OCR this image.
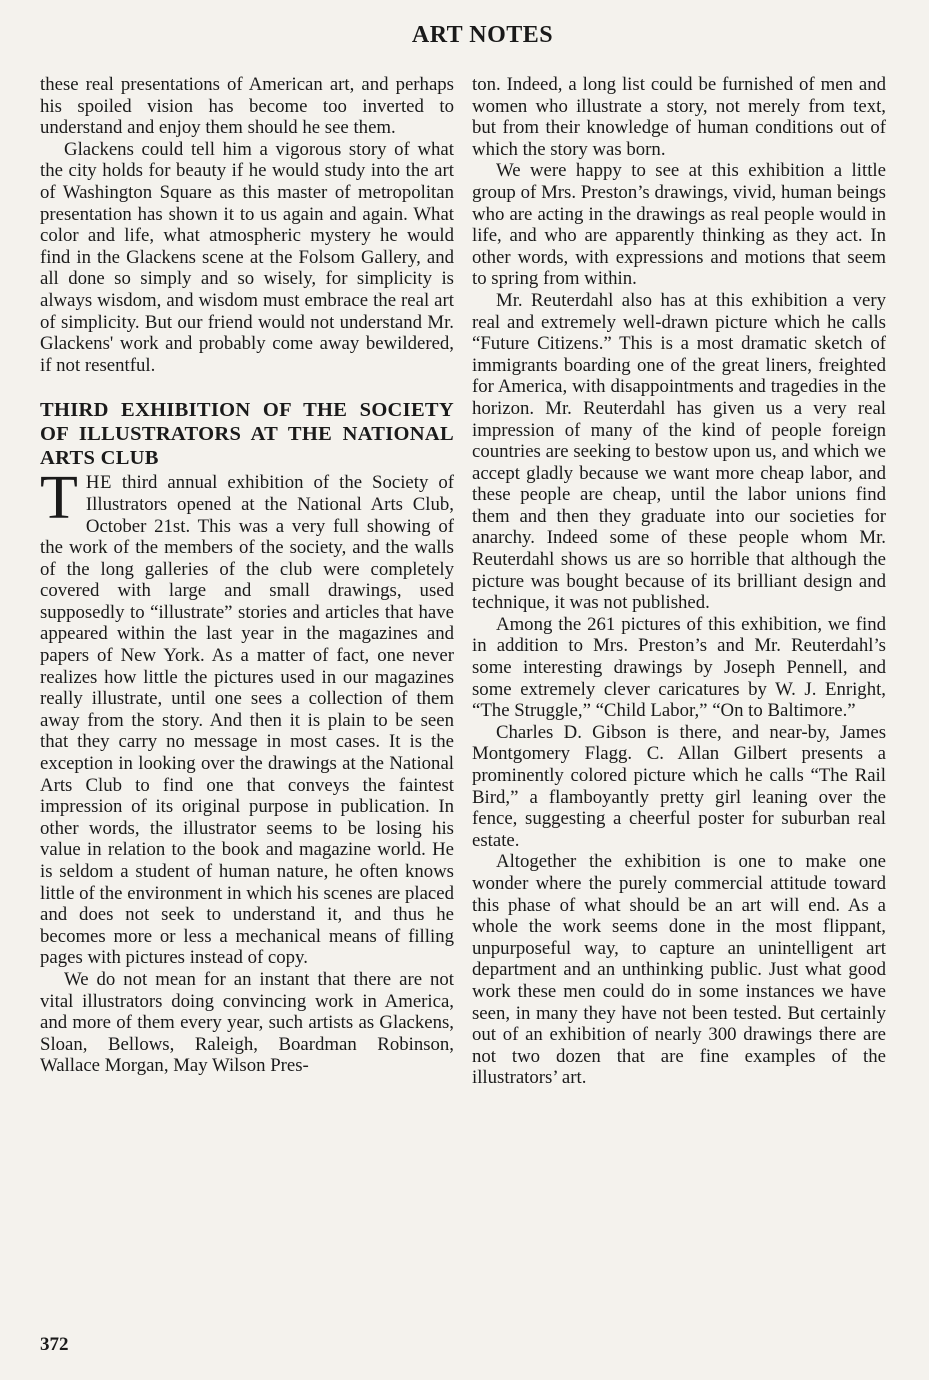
ART NOTES

these real presentations of American art, and perhaps his spoiled vision has become too inverted to understand and enjoy them should he see them.

Glackens could tell him a vigorous story of what the city holds for beauty if he would study into the art of Washington Square as this master of metropolitan presentation has shown it to us again and again. What color and life, what atmospheric mystery he would find in the Glackens scene at the Folsom Gallery, and all done so simply and so wisely, for simplicity is always wisdom, and wisdom must embrace the real art of simplicity. But our friend would not understand Mr. Glackens' work and probably come away bewildered, if not resentful.

THIRD EXHIBITION OF THE SOCIETY OF ILLUSTRATORS AT THE NATIONAL ARTS CLUB

THE third annual exhibition of the Society of Illustrators opened at the National Arts Club, October 21st. This was a very full showing of the work of the members of the society, and the walls of the long galleries of the club were completely covered with large and small drawings, used supposedly to “illustrate” stories and articles that have appeared within the last year in the magazines and papers of New York. As a matter of fact, one never realizes how little the pictures used in our magazines really illustrate, until one sees a collection of them away from the story. And then it is plain to be seen that they carry no message in most cases. It is the exception in looking over the drawings at the National Arts Club to find one that conveys the faintest impression of its original purpose in publication. In other words, the illustrator seems to be losing his value in relation to the book and magazine world. He is seldom a student of human nature, he often knows little of the environment in which his scenes are placed and does not seek to understand it, and thus he becomes more or less a mechanical means of filling pages with pictures instead of copy.

We do not mean for an instant that there are not vital illustrators doing convincing work in America, and more of them every year, such artists as Glackens, Sloan, Bellows, Raleigh, Boardman Robinson, Wallace Morgan, May Wilson Pres-

ton. Indeed, a long list could be furnished of men and women who illustrate a story, not merely from text, but from their knowledge of human conditions out of which the story was born.

We were happy to see at this exhibition a little group of Mrs. Preston’s drawings, vivid, human beings who are acting in the drawings as real people would in life, and who are apparently thinking as they act. In other words, with expressions and motions that seem to spring from within.

Mr. Reuterdahl also has at this exhibition a very real and extremely well-drawn picture which he calls “Future Citizens.” This is a most dramatic sketch of immigrants boarding one of the great liners, freighted for America, with disappointments and tragedies in the horizon. Mr. Reuterdahl has given us a very real impression of many of the kind of people foreign countries are seeking to bestow upon us, and which we accept gladly because we want more cheap labor, and these people are cheap, until the labor unions find them and then they graduate into our societies for anarchy. Indeed some of these people whom Mr. Reuterdahl shows us are so horrible that although the picture was bought because of its brilliant design and technique, it was not published.

Among the 261 pictures of this exhibition, we find in addition to Mrs. Preston’s and Mr. Reuterdahl’s some interesting drawings by Joseph Pennell, and some extremely clever caricatures by W. J. Enright, “The Struggle,” “Child Labor,” “On to Baltimore.”

Charles D. Gibson is there, and near-by, James Montgomery Flagg. C. Allan Gilbert presents a prominently colored picture which he calls “The Rail Bird,” a flamboyantly pretty girl leaning over the fence, suggesting a cheerful poster for suburban real estate.

Altogether the exhibition is one to make one wonder where the purely commercial attitude toward this phase of what should be an art will end. As a whole the work seems done in the most flippant, unpurposeful way, to capture an unintelligent art department and an unthinking public. Just what good work these men could do in some instances we have seen, in many they have not been tested. But certainly out of an exhibition of nearly 300 drawings there are not two dozen that are fine examples of the illustrators’ art.

372
